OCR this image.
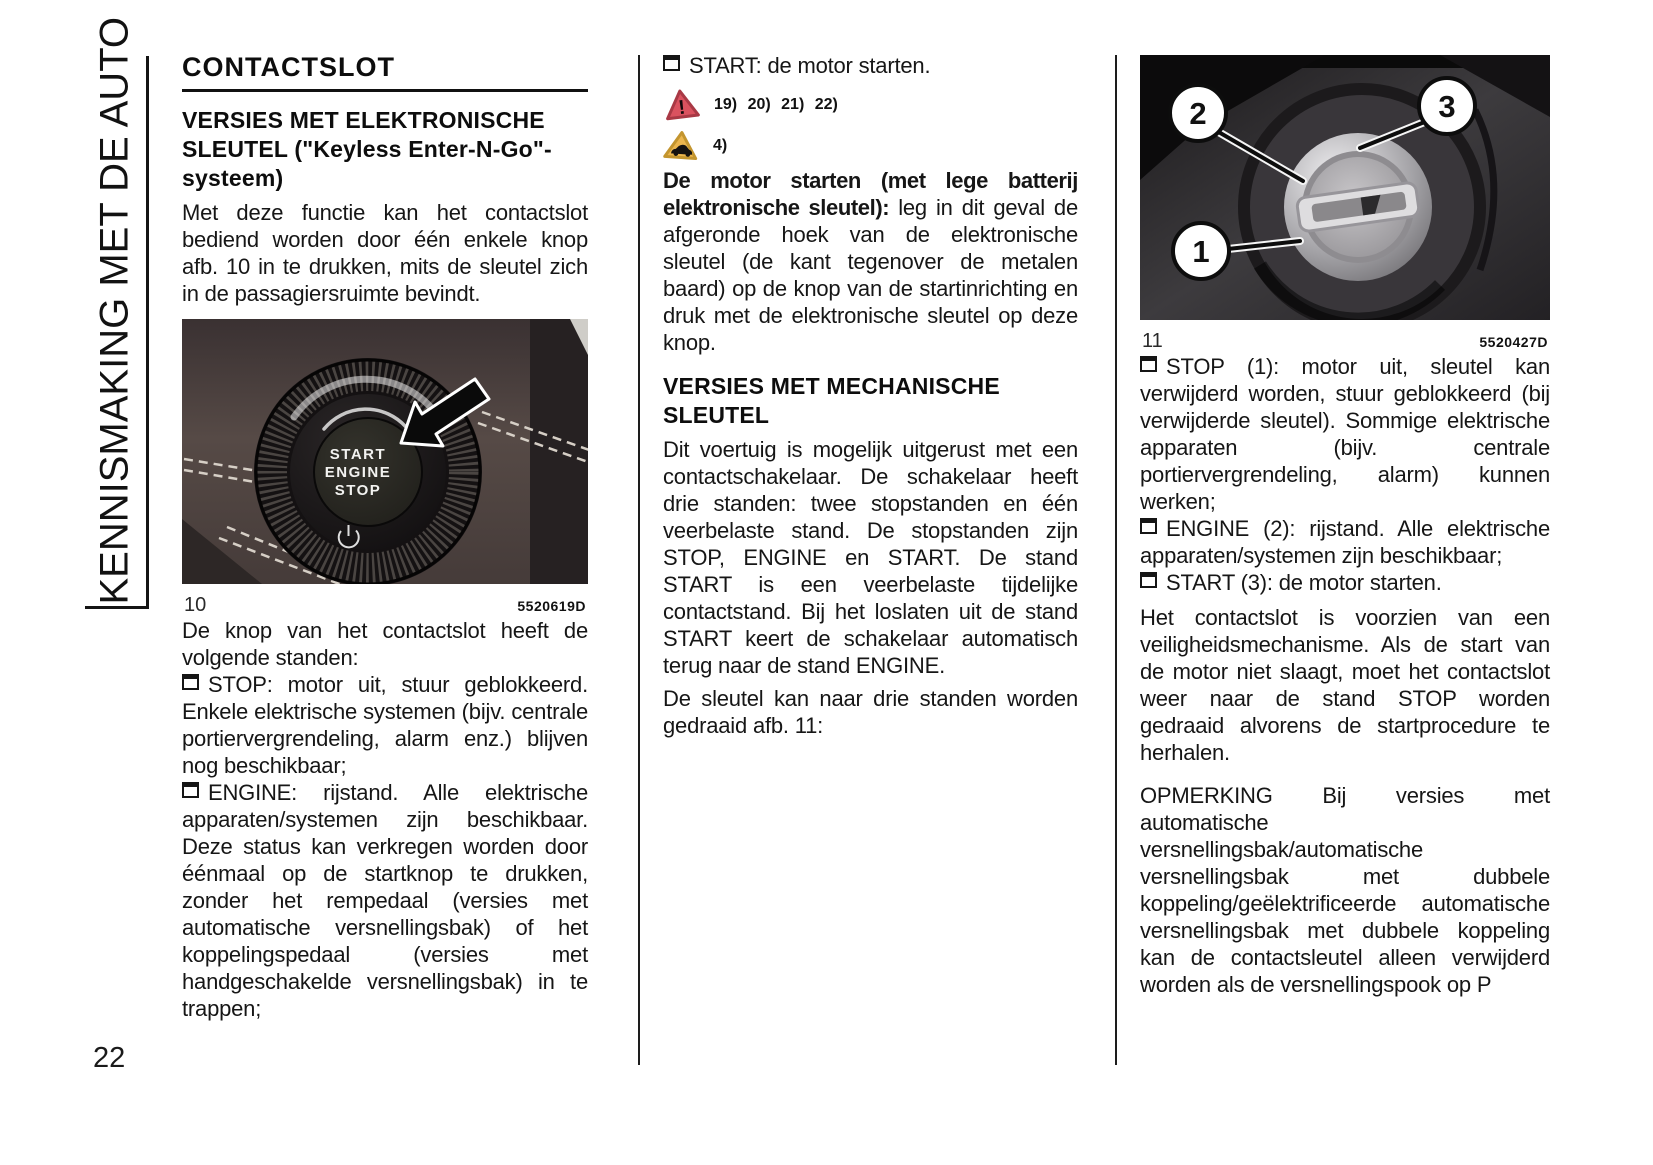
KENNISMAKING MET DE AUTO CONTACTSLOT
VERSIES MET ELEKTRONISCHE SLEUTEL ("Keyless Enter-N-Go"-systeem)

Met deze functie kan het contactslot bediend worden door één enkele knop afb. 10 in te drukken, mits de sleutel zich in de passagiersruimte bevindt.

START
ENGINE
STOP
10	5520619D

De knop van het contactslot heeft de volgende standen:

STOP: motor uit, stuur geblokkeerd. Enkele elektrische systemen (bijv. centrale portiervergrendeling, alarm enz.) blijven nog beschikbaar;

ENGINE: rijstand. Alle elektrische apparaten/systemen zijn beschikbaar. Deze status kan verkregen worden door éénmaal op de startknop te drukken, zonder het rempedaal (versies met automatische versnellingsbak) of het koppelingspedaal (versies met handgeschakelde versnellingsbak) in te trappen;

START: de motor starten.

! 19) 20) 21) 22)
4)

De motor starten (met lege batterij elektronische sleutel): leg in dit geval de afgeronde hoek van de elektronische sleutel (de kant tegenover de metalen baard) op de knop van de startinrichting en druk met de elektronische sleutel op deze knop.

VERSIES MET MECHANISCHE SLEUTEL

Dit voertuig is mogelijk uitgerust met een contactschakelaar. De schakelaar heeft drie standen: twee stopstanden en één veerbelaste stand. De stopstanden zijn STOP, ENGINE en START. De stand START is een veerbelaste tijdelijke contactstand. Bij het loslaten uit de stand START keert de schakelaar automatisch terug naar de stand ENGINE.

De sleutel kan naar drie standen worden gedraaid afb. 11:

2	3
1
11	5520427D

STOP (1): motor uit, sleutel kan verwijderd worden, stuur geblokkeerd (bij verwijderde sleutel). Sommige elektrische apparaten (bijv. centrale portiervergrendeling, alarm) kunnen werken;

ENGINE (2): rijstand. Alle elektrische apparaten/systemen zijn beschikbaar;

START (3): de motor starten.

Het contactslot is voorzien van een veiligheidsmechanisme. Als de start van de motor niet slaagt, moet het contactslot weer naar de stand STOP worden gedraaid alvorens de startprocedure te herhalen.

OPMERKING Bij versies met automatische versnellingsbak/automatische versnellingsbak met dubbele koppeling/geëlektrificeerde automatische versnellingsbak met dubbele koppeling kan de contactsleutel alleen verwijderd worden als de versnellingspook op P

22
